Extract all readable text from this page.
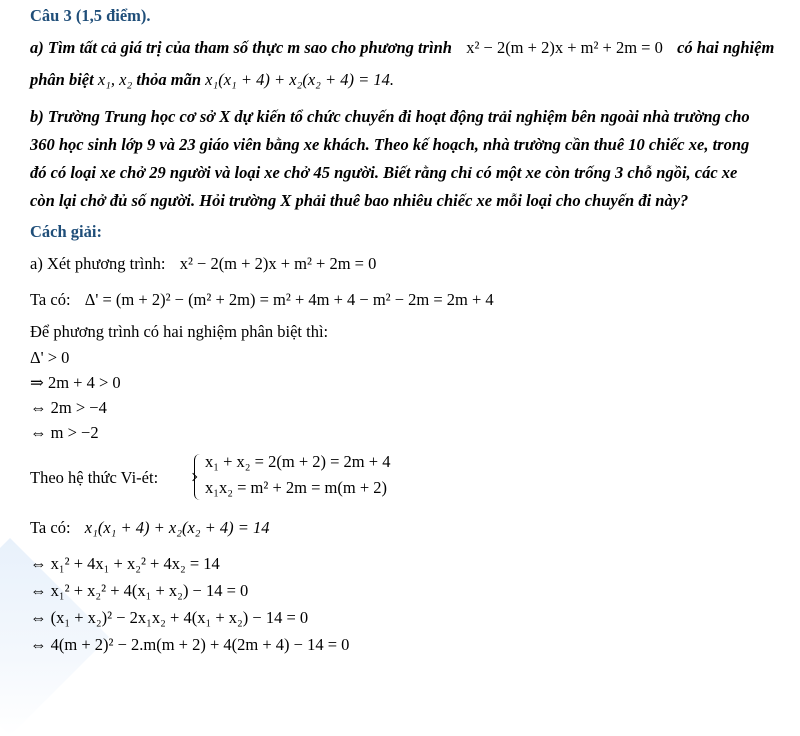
Câu 3 (1,5 điểm).
a) Tìm tất cả giá trị của tham số thực m sao cho phương trình x² − 2(m + 2)x + m² + 2m = 0 có hai nghiệm
phân biệt x₁, x₂ thỏa mãn x₁(x₁ + 4) + x₂(x₂ + 4) = 14.
b) Trường Trung học cơ sở X dự kiến tổ chức chuyến đi hoạt động trải nghiệm bên ngoài nhà trường cho
360 học sinh lớp 9 và 23 giáo viên bằng xe khách. Theo kế hoạch, nhà trường cần thuê 10 chiếc xe, trong
đó có loại xe chở 29 người và loại xe chở 45 người. Biết rằng chỉ có một xe còn trống 3 chỗ ngồi, các xe
còn lại chở đủ số người. Hỏi trường X phải thuê bao nhiêu chiếc xe mỗi loại cho chuyến đi này?
Cách giải:
a) Xét phương trình: x² − 2(m + 2)x + m² + 2m = 0
Ta có: Δ' = (m + 2)² − (m² + 2m) = m² + 4m + 4 − m² − 2m = 2m + 4
Để phương trình có hai nghiệm phân biệt thì:
Δ' > 0
⇒ 2m + 4 > 0
⇔ 2m > −4
⇔ m > −2
Theo hệ thức Vi-ét:
x₁ + x₂ = 2(m + 2) = 2m + 4
x₁x₂ = m² + 2m = m(m + 2)
Ta có: x₁(x₁ + 4) + x₂(x₂ + 4) = 14
⇔ x₁² + 4x₁ + x₂² + 4x₂ = 14
⇔ x₁² + x₂² + 4(x₁ + x₂) − 14 = 0
⇔ (x₁ + x₂)² − 2x₁x₂ + 4(x₁ + x₂) − 14 = 0
⇔ 4(m + 2)² − 2.m(m + 2) + 4(2m + 4) − 14 = 0
